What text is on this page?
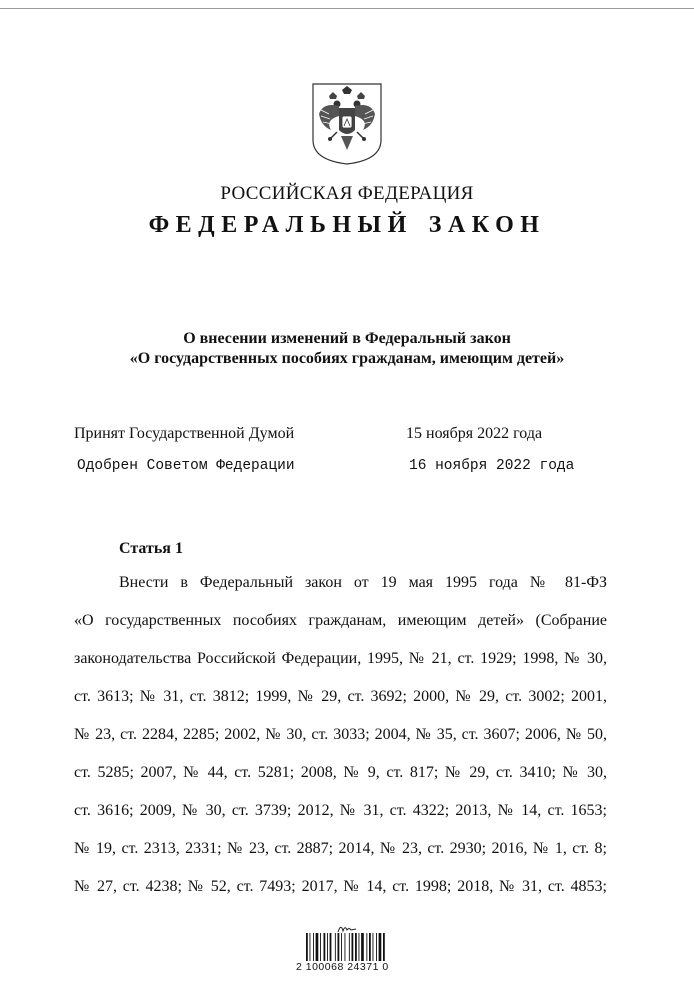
РОССИЙСКАЯ ФЕДЕРАЦИЯ
ФЕДЕРАЛЬНЫЙ ЗАКОН
О внесении изменений в Федеральный закон
«О государственных пособиях гражданам, имеющим детей»
Принят Государственной Думой	15 ноября 2022 года
Одобрен Советом Федерации	16 ноября 2022 года
Статья 1
Внести в Федеральный закон от 19 мая 1995 года № 81-ФЗ
«О государственных пособиях гражданам, имеющим детей» (Собрание
законодательства Российской Федерации, 1995, № 21, ст. 1929; 1998, № 30,
ст. 3613; № 31, ст. 3812; 1999, № 29, ст. 3692; 2000, № 29, ст. 3002; 2001,
№ 23, ст. 2284, 2285; 2002, № 30, ст. 3033; 2004, № 35, ст. 3607; 2006, № 50,
ст. 5285; 2007, № 44, ст. 5281; 2008, № 9, ст. 817; № 29, ст. 3410; № 30,
ст. 3616; 2009, № 30, ст. 3739; 2012, № 31, ст. 4322; 2013, № 14, ст. 1653;
№ 19, ст. 2313, 2331; № 23, ст. 2887; 2014, № 23, ст. 2930; 2016, № 1, ст. 8;
№ 27, ст. 4238; № 52, ст. 7493; 2017, № 14, ст. 1998; 2018, № 31, ст. 4853;
2 100068 24371 0
